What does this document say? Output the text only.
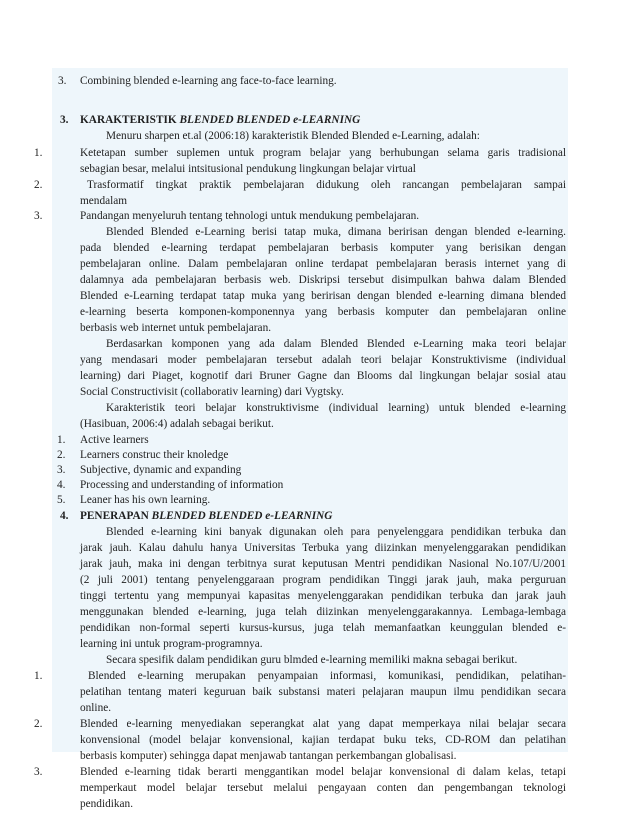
3. Combining blended e-learning ang face-to-face learning.
3. KARAKTERISTIK BLENDED BLENDED e-LEARNING
Menuru sharpen et.al (2006:18) karakteristik Blended Blended e-Learning, adalah:
1.	Ketetapan sumber suplemen untuk program belajar yang berhubungan selama garis tradisional
sebagian besar, melalui intsitusional pendukung lingkungan belajar virtual
2.	Trasformatif tingkat praktik pembelajaran didukung oleh rancangan pembelajaran sampai
mendalam
3.	Pandangan menyeluruh tentang tehnologi untuk mendukung pembelajaran.
Blended Blended e-Learning berisi tatap muka, dimana beririsan dengan blended e-learning.
pada blended e-learning terdapat pembelajaran berbasis komputer yang berisikan dengan
pembelajaran online. Dalam pembelajaran online terdapat pembelajaran berasis internet yang di
dalamnya ada pembelajaran berbasis web. Diskripsi tersebut disimpulkan bahwa dalam Blended
Blended e-Learning terdapat tatap muka yang beririsan dengan blended e-learning dimana blended
e-learning beserta komponen-komponennya yang berbasis komputer dan pembelajaran online
berbasis web internet untuk pembelajaran.
Berdasarkan komponen yang ada dalam Blended Blended e-Learning maka teori belajar
yang mendasari moder pembelajaran tersebut adalah teori belajar Konstruktivisme (individual
learning) dari Piaget, kognotif dari Bruner Gagne dan Blooms dal lingkungan belajar sosial atau
Social Constructivisit (collaborativ learning) dari Vygtsky.
Karakteristik teori belajar konstruktivisme (individual learning) untuk blended e-learning
(Hasibuan, 2006:4) adalah sebagai berikut.
1. Active learners
2. Learners construc their knoledge
3. Subjective, dynamic and expanding
4. Processing and understanding of information
5. Leaner has his own learning.
4. PENERAPAN BLENDED BLENDED e-LEARNING
Blended e-learning kini banyak digunakan oleh para penyelenggara pendidikan terbuka dan
jarak jauh. Kalau dahulu hanya Universitas Terbuka yang diizinkan menyelenggarakan pendidikan
jarak jauh, maka ini dengan terbitnya surat keputusan Mentri pendidikan Nasional No.107/U/2001
(2 juli 2001) tentang penyelenggaraan program pendidikan Tinggi jarak jauh, maka perguruan
tinggi tertentu yang mempunyai kapasitas menyelenggarakan pendidikan terbuka dan jarak jauh
menggunakan blended e-learning, juga telah diizinkan menyelenggarakannya. Lembaga-lembaga
pendidikan non-formal seperti kursus-kursus, juga telah memanfaatkan keunggulan blended e-
learning ini untuk program-programnya.
Secara spesifik dalam pendidikan guru blmded e-learning memiliki makna sebagai berikut.
1.	Blended e-learning merupakan penyampaian informasi, komunikasi, pendidikan, pelatihan-
pelatihan tentang materi keguruan baik substansi materi pelajaran maupun ilmu pendidikan secara
online.
2.	Blended e-learning menyediakan seperangkat alat yang dapat memperkaya nilai belajar secara
konvensional (model belajar konvensional, kajian terdapat buku teks, CD-ROM dan pelatihan
berbasis komputer) sehingga dapat menjawab tantangan perkembangan globalisasi.
3.	Blended e-learning tidak berarti menggantikan model belajar konvensional di dalam kelas, tetapi
memperkaut model belajar tersebut melalui pengayaan conten dan pengembangan teknologi
pendidikan.
